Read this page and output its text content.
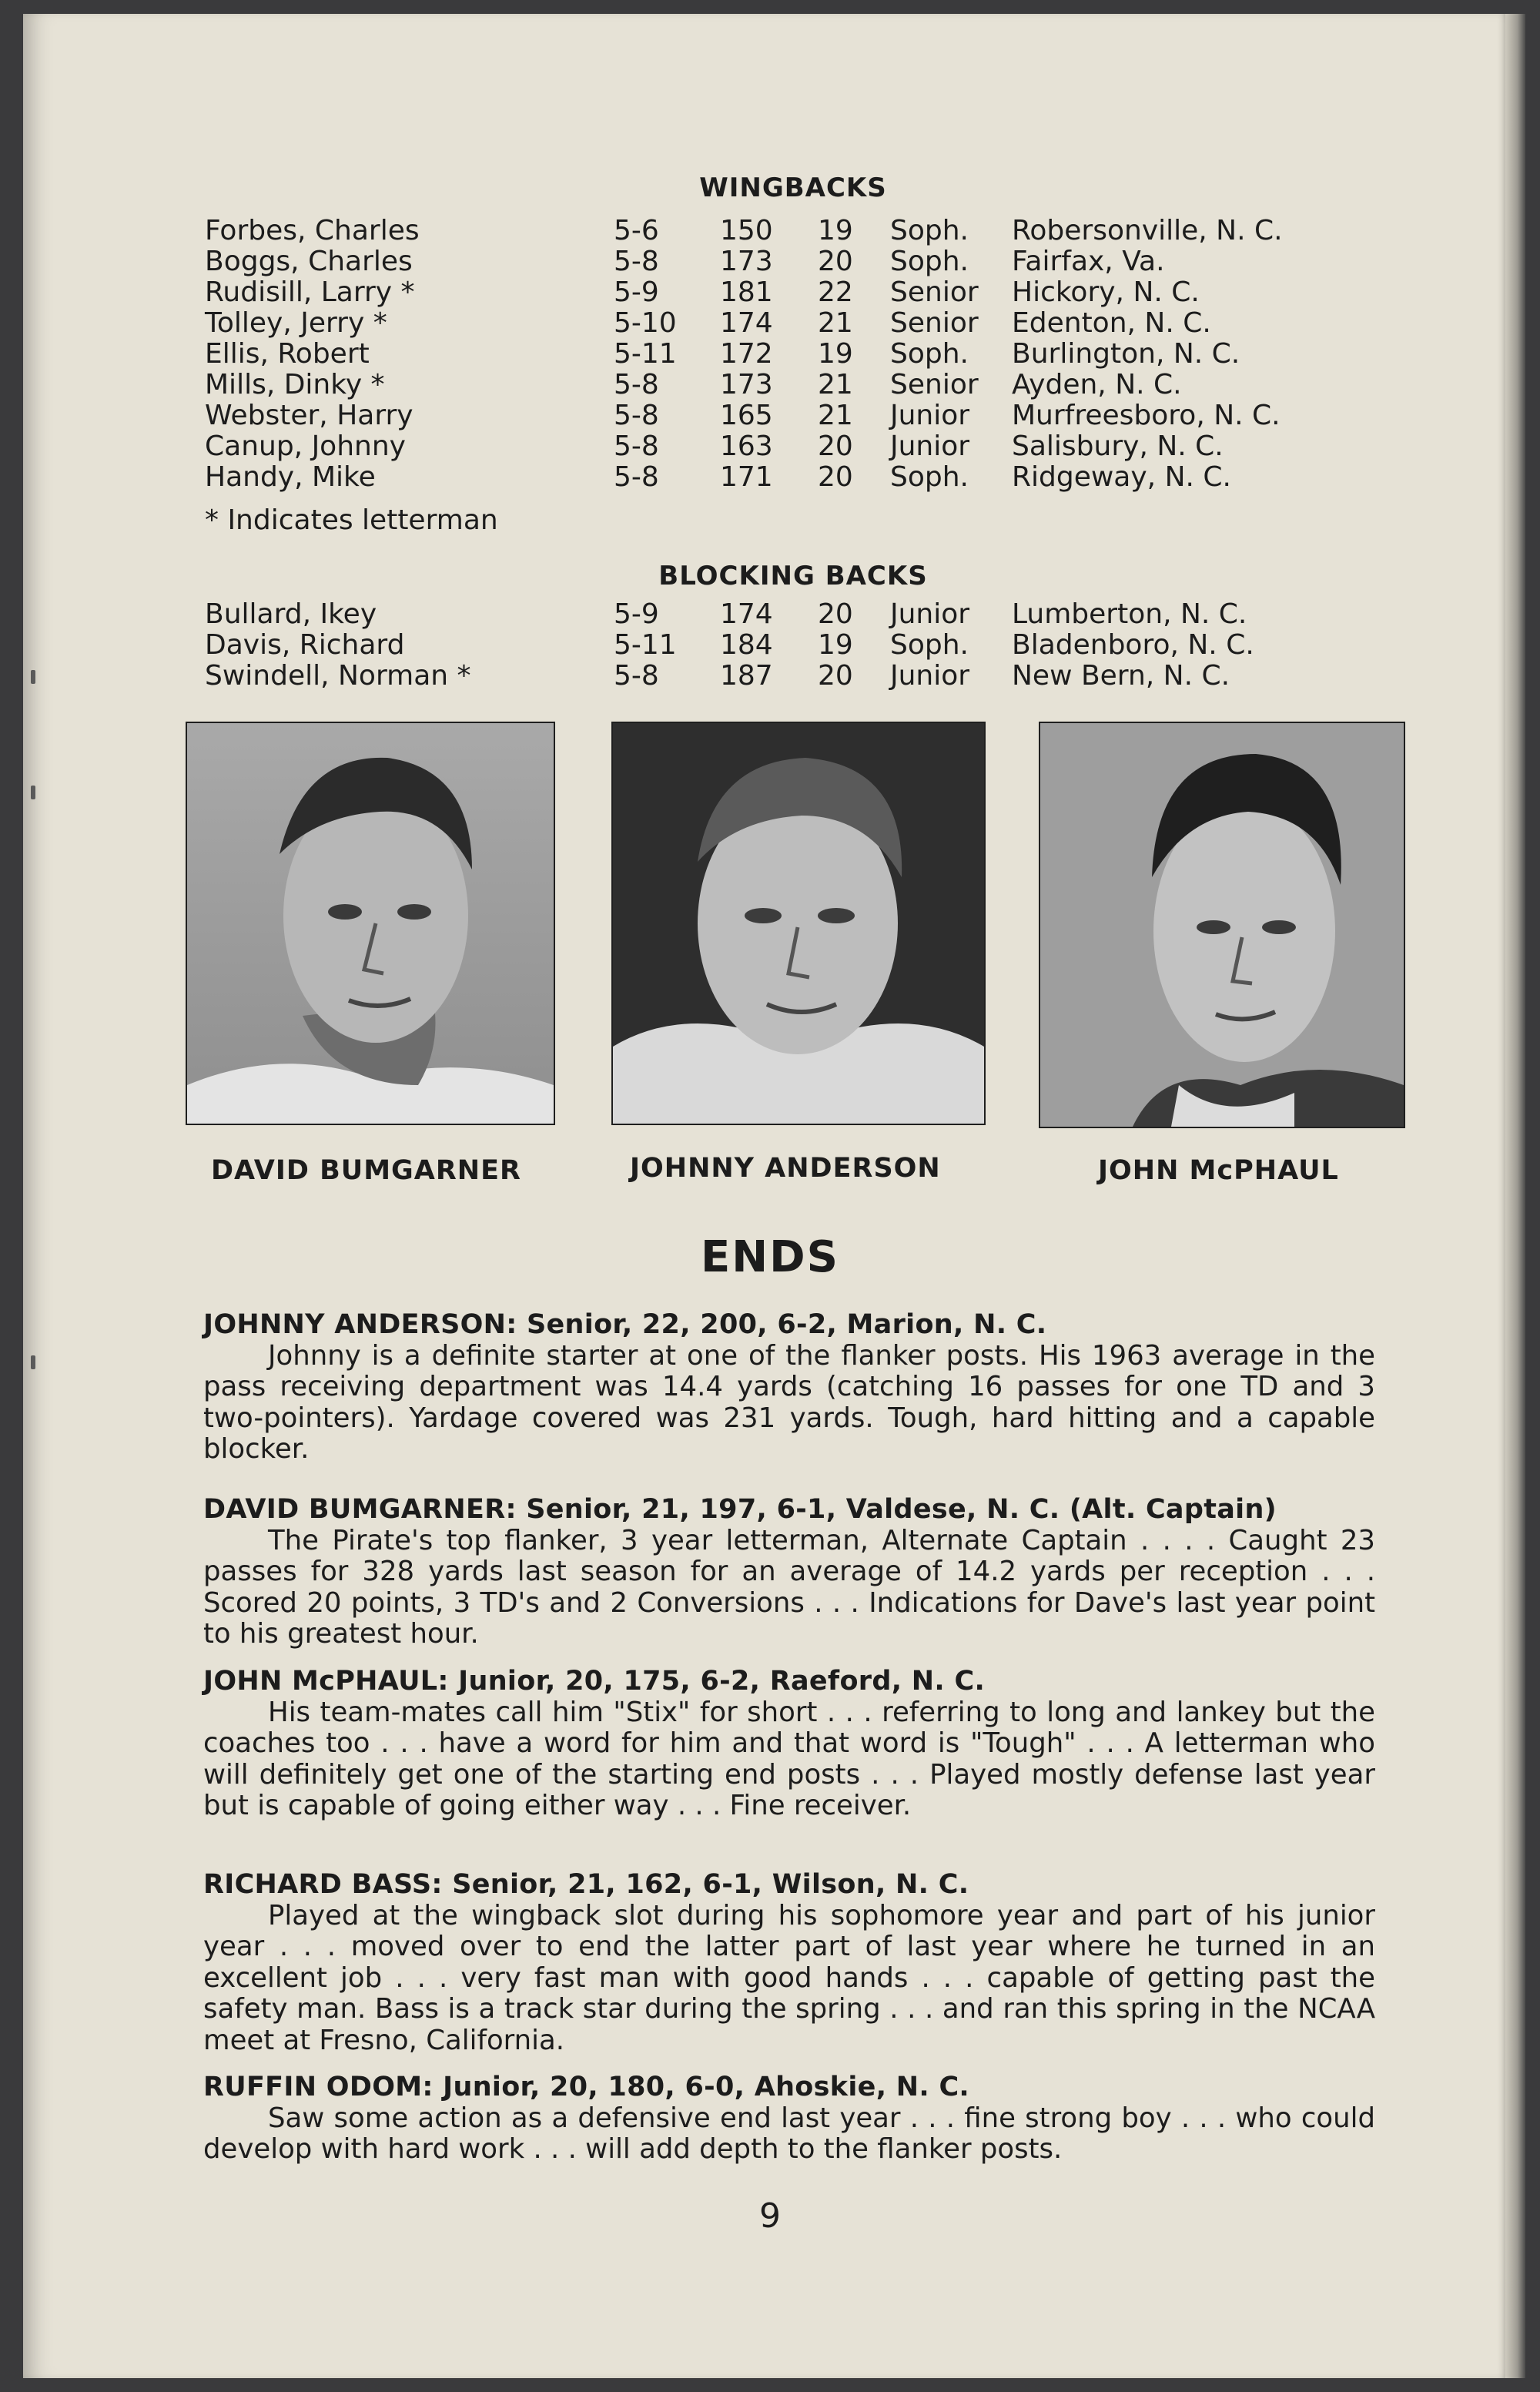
WINGBACKS
Forbes, Charles	5-6 150 19 Soph. Robersonville, N. C.
Boggs, Charles	5-8 173 20 Soph. Fairfax, Va.
Rudisill, Larry *	5-9 181 22 Senior Hickory, N. C.
Tolley, Jerry *	5-10 174 21 Senior Edenton, N. C.
Ellis, Robert	5-11 172 19 Soph. Burlington, N. C.
Mills, Dinky *	5-8 173 21 Senior Ayden, N. C.
Webster, Harry	5-8 165 21 Junior Murfreesboro, N. C.
Canup, Johnny	5-8 163 20 Junior Salisbury, N. C.
Handy, Mike	5-8 171 20 Soph. Ridgeway, N. C.
* Indicates letterman
BLOCKING BACKS
Bullard, Ikey	5-9 174 20 Junior Lumberton, N. C.
Davis, Richard	5-11 184 19 Soph. Bladenboro, N. C.
Swindell, Norman *	5-8 187 20 Junior New Bern, N. C.
DAVID BUMGARNER	JOHNNY ANDERSON	JOHN McPHAUL
ENDS
JOHNNY ANDERSON: Senior, 22, 200, 6-2, Marion, N. C.
Johnny is a definite starter at one of the flanker posts. His 1963 average in the pass receiving department was 14.4 yards (catching 16 passes for one TD and 3 two-pointers). Yardage covered was 231 yards. Tough, hard hitting and a capable blocker.
DAVID BUMGARNER: Senior, 21, 197, 6-1, Valdese, N. C. (Alt. Captain)
The Pirate's top flanker, 3 year letterman, Alternate Captain . . . . Caught 23 passes for 328 yards last season for an average of 14.2 yards per reception . . . Scored 20 points, 3 TD's and 2 Conversions . . . Indications for Dave's last year point to his greatest hour.
JOHN McPHAUL: Junior, 20, 175, 6-2, Raeford, N. C.
His team-mates call him "Stix" for short . . . referring to long and lankey but the coaches too . . . have a word for him and that word is "Tough" . . . A letterman who will definitely get one of the starting end posts . . . Played mostly defense last year but is capable of going either way . . . Fine receiver.
RICHARD BASS: Senior, 21, 162, 6-1, Wilson, N. C.
Played at the wingback slot during his sophomore year and part of his junior year . . . moved over to end the latter part of last year where he turned in an excellent job . . . very fast man with good hands . . . capable of getting past the safety man. Bass is a track star during the spring . . . and ran this spring in the NCAA meet at Fresno, California.
RUFFIN ODOM: Junior, 20, 180, 6-0, Ahoskie, N. C.
Saw some action as a defensive end last year . . . fine strong boy . . . who could develop with hard work . . . will add depth to the flanker posts.
9
